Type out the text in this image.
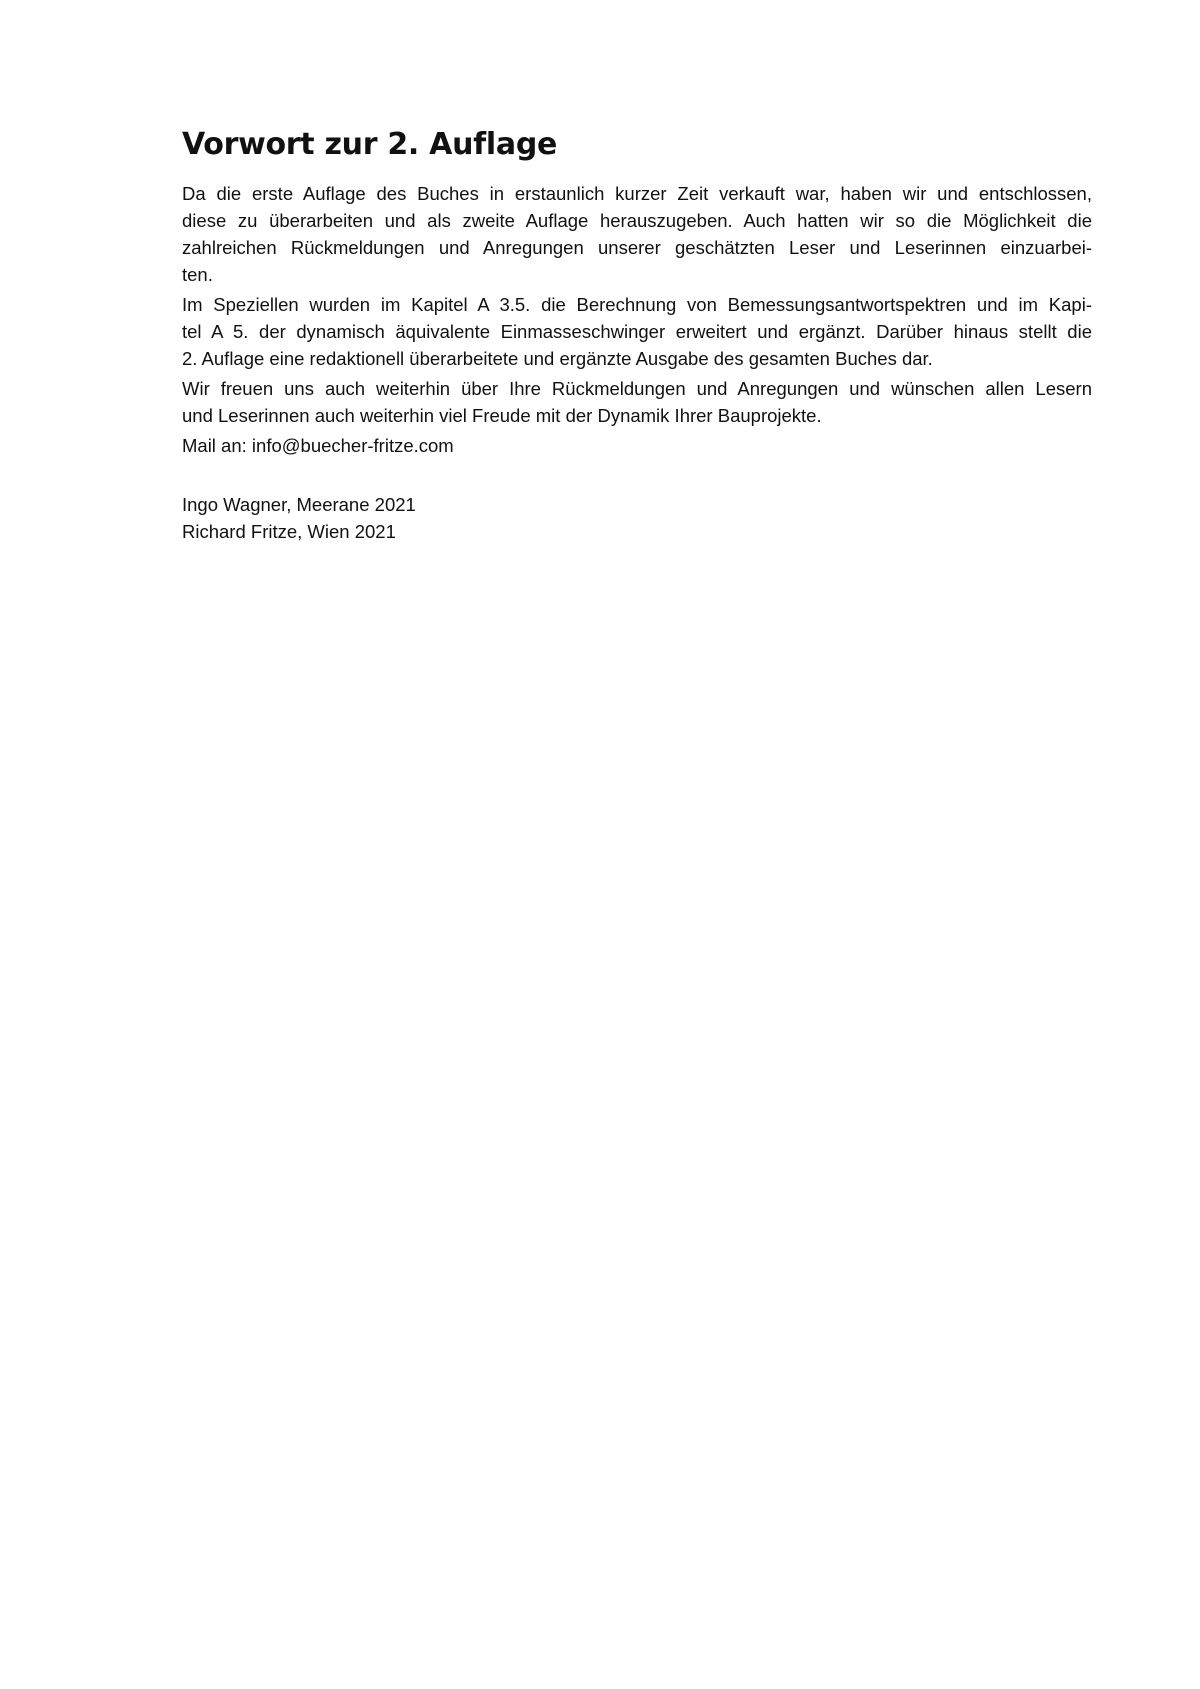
Vorwort zur 2. Auflage
Da die erste Auflage des Buches in erstaunlich kurzer Zeit verkauft war, haben wir und entschlossen,
diese zu überarbeiten und als zweite Auflage herauszugeben. Auch hatten wir so die Möglichkeit die
zahlreichen Rückmeldungen und Anregungen unserer geschätzten Leser und Leserinnen einzuarbei-
ten.
Im Speziellen wurden im Kapitel A 3.5. die Berechnung von Bemessungsantwortspektren und im Kapi-
tel A 5. der dynamisch äquivalente Einmasseschwinger erweitert und ergänzt. Darüber hinaus stellt die
2. Auflage eine redaktionell überarbeitete und ergänzte Ausgabe des gesamten Buches dar.
Wir freuen uns auch weiterhin über Ihre Rückmeldungen und Anregungen und wünschen allen Lesern
und Leserinnen auch weiterhin viel Freude mit der Dynamik Ihrer Bauprojekte.
Mail an: info@buecher-fritze.com
Ingo Wagner, Meerane 2021
Richard Fritze, Wien 2021
